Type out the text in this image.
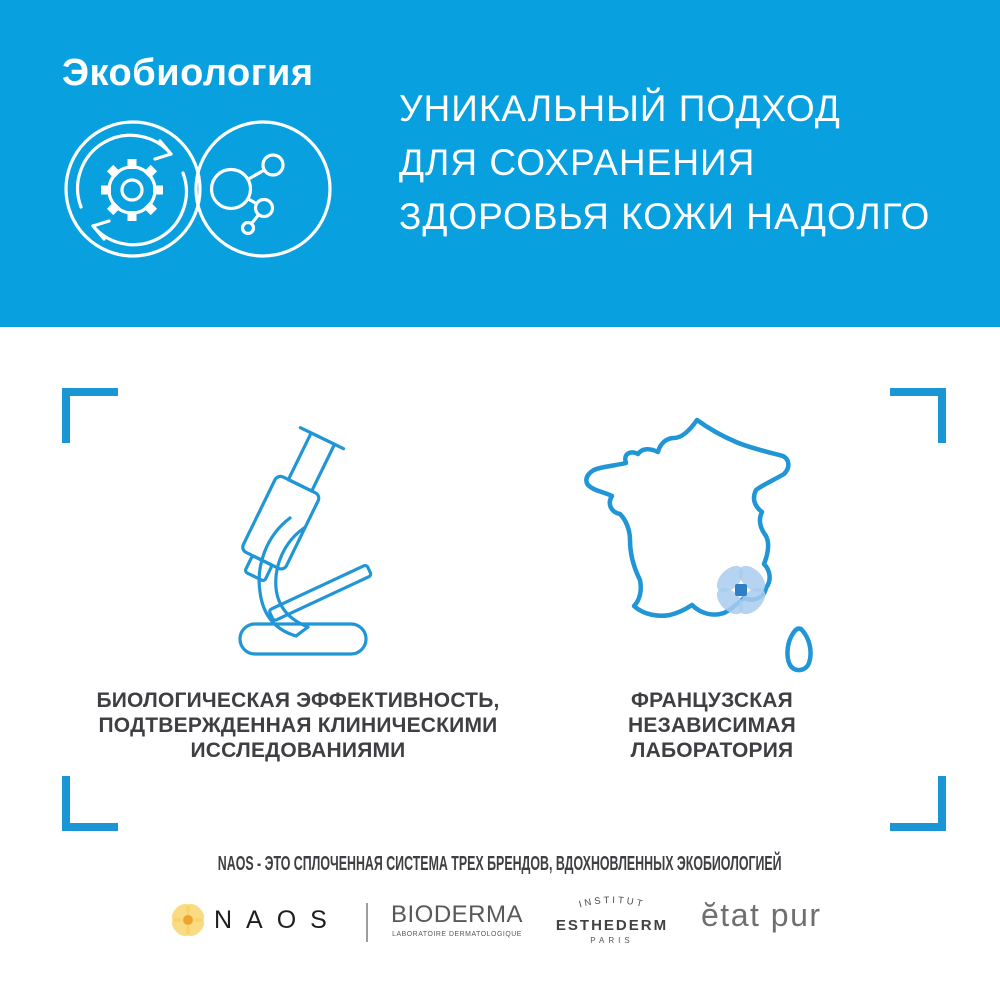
Экобиология
УНИКАЛЬНЫЙ ПОДХОД
ДЛЯ СОХРАНЕНИЯ
ЗДОРОВЬЯ КОЖИ НАДОЛГО
БИОЛОГИЧЕСКАЯ ЭФФЕКТИВНОСТЬ,
ПОДТВЕРЖДЕННАЯ КЛИНИЧЕСКИМИ
ИССЛЕДОВАНИЯМИ
ФРАНЦУЗСКАЯ
НЕЗАВИСИМАЯ
ЛАБОРАТОРИЯ
NAOS - ЭТО СПЛОЧЕННАЯ СИСТЕМА ТРЕХ БРЕНДОВ, ВДОХНОВЛЕННЫХ ЭКОБИОЛОГИЕЙ
NAOS BIODERMA
LABORATOIRE DERMATOLOGIQUE
INSTITUT
ESTHEDERM
PARIS
ĕtat pur
